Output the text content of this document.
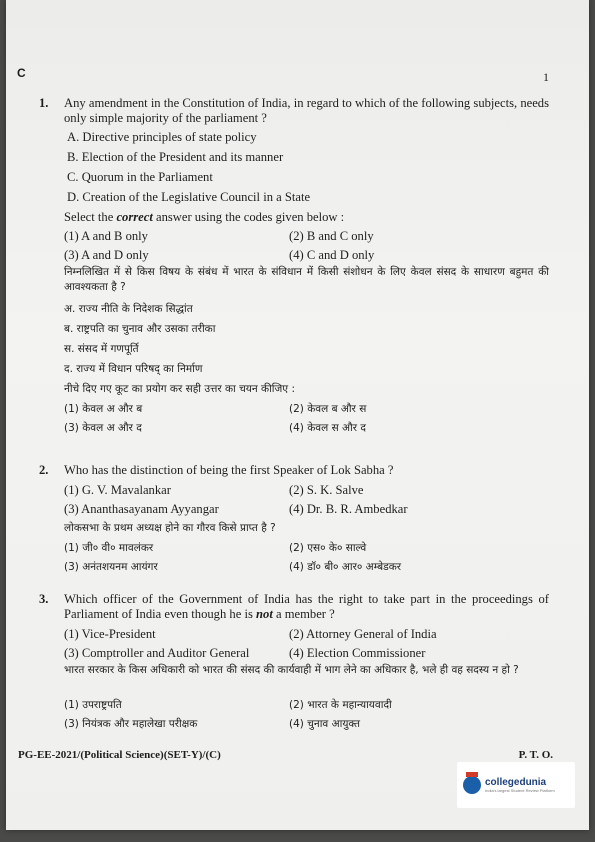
C	1
1. Any amendment in the Constitution of India, in regard to which of the following subjects, needs only simple majority of the parliament ?
A. Directive principles of state policy
B. Election of the President and its manner
C. Quorum in the Parliament
D. Creation of the Legislative Council in a State
Select the correct answer using the codes given below :
(1) A and B only	(2) B and C only
(3) A and D only	(4) C and D only
निम्नलिखित में से किस विषय के संबंध में भारत के संविधान में किसी संशोधन के लिए केवल संसद के साधारण बहुमत की आवश्यकता है ?
अ. राज्य नीति के निदेशक सिद्धांत
ब. राष्ट्रपति का चुनाव और उसका तरीका
स. संसद में गणपूर्ति
द. राज्य में विधान परिषद् का निर्माण
नीचे दिए गए कूट का प्रयोग कर सही उत्तर का चयन कीजिए :
(1) केवल अ और ब	(2) केवल ब और स
(3) केवल अ और द	(4) केवल स और द
2. Who has the distinction of being the first Speaker of Lok Sabha ?
(1) G. V. Mavalankar	(2) S. K. Salve
(3) Ananthasayanam Ayyangar	(4) Dr. B. R. Ambedkar
लोकसभा के प्रथम अध्यक्ष होने का गौरव किसे प्राप्त है ?
(1) जी० वी० मावलंकर	(2) एस० के० साल्वे
(3) अनंतशयनम आयंगर	(4) डॉ० बी० आर० अम्बेडकर
3. Which officer of the Government of India has the right to take part in the proceedings of Parliament of India even though he is not a member ?
(1) Vice-President	(2) Attorney General of India
(3) Comptroller and Auditor General	(4) Election Commissioner
भारत सरकार के किस अधिकारी को भारत की संसद की कार्यवाही में भाग लेने का अधिकार है, भले ही वह सदस्य न हो ?
(1) उपराष्ट्रपति	(2) भारत के महान्यायवादी
(3) नियंत्रक और महालेखा परीक्षक	(4) चुनाव आयुक्त
PG-EE-2021/(Political Science)(SET-Y)/(C)	P. T. O.
collegedunia
India's largest Student Review Platform
